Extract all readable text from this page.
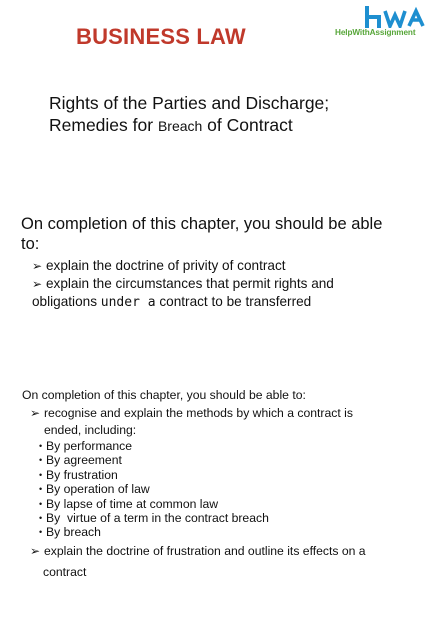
BUSINESS LAW	HelpWithAssignment
Rights of the Parties and Discharge;
Remedies for Breach of Contract
On completion of this chapter, you should be able
to:
➢ explain the doctrine of privity of contract
➢ explain the circumstances that permit rights and
obligations under a contract to be transferred
On completion of this chapter, you should be able to:
➢ recognise and explain the methods by which a contract is
ended, including:
• By performance
• By agreement
• By frustration
• By operation of law
• By lapse of time at common law
• By  virtue of a term in the contract breach
• By breach
➢ explain the doctrine of frustration and outline its effects on a
contract
